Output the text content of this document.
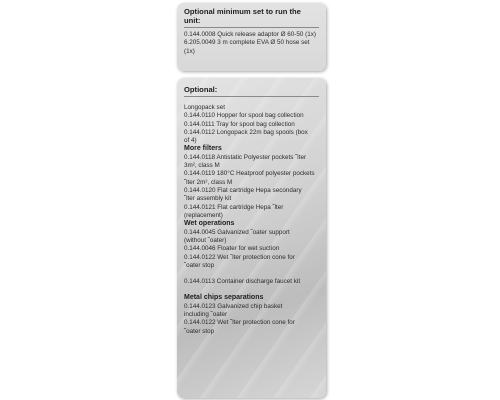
Optional minimum set to run the unit:
0.144.0008 Quick release adaptor Ø 60-50 (1x)
6.205.0049 3 m complete EVA Ø 50 hose set (1x)
Optional:
Longopack set
0.144.0110 Hopper for spool bag collection
0.144.0111 Tray for spool bag collection
0.144.0112 Longopack 22m bag spools (box
of 4)
More filters
0.144.0118 Antistatic Polyester pockets ˜lter
3m², class M
0.144.0119 180°C Heatproof polyester pockets
˜lter 2m², class M
0.144.0120 Flat cartridge Hepa secondary
˜lter assembly kit
0.144.0121 Flat cartridge Hepa ˜lter
(replacement)
Wet operations
0.144.0045 Galvanized ˜oater support
(without ˜oater)
0.144.0046 Floater for wet suction
0.144.0122 Wet ˜lter protection cone for
˜oater stop
0.144.0113 Container discharge faucet kit
Metal chips separations
0.144.0123 Galvanized chip basket
including ˜oater
0.144.0122 Wet ˜lter protection cone for
˜oater stop
